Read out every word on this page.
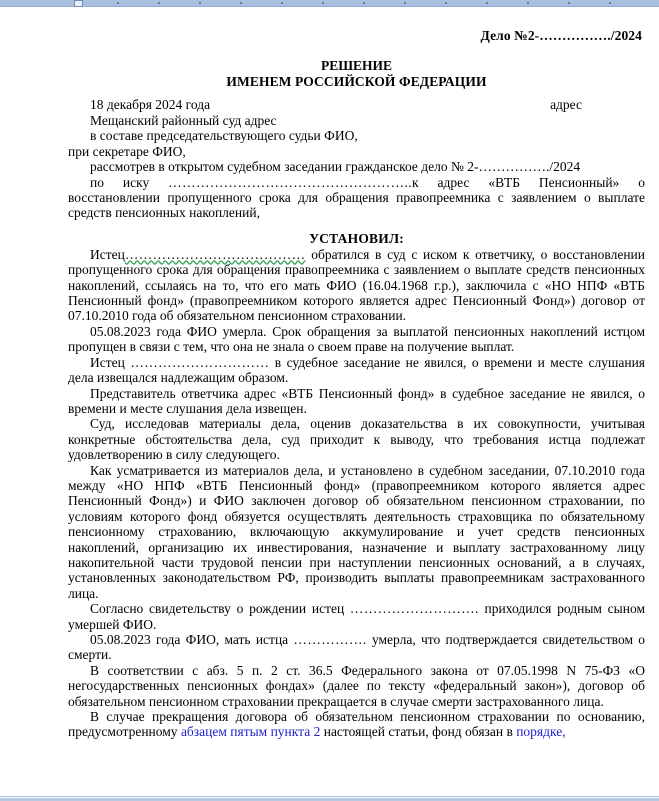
Дело №2-……………./2024
РЕШЕНИЕ
ИМЕНЕМ РОССИЙСКОЙ ФЕДЕРАЦИИ
18 декабря 2024 года	адрес

Мещанский районный суд адрес

в составе председательствующего судьи ФИО,

при секретаре ФИО,

рассмотрев в открытом судебном заседании гражданское дело № 2-……………./2024

по иску ……………………………………………..к адрес «ВТБ Пенсионный» о восстановлении пропущенного срока для обращения правопреемника с заявлением о выплате средств пенсионных накоплений,

УСТАНОВИЛ:

Истец………………………………… обратился в суд с иском к ответчику, о восстановлении пропущенного срока для обращения правопреемника с заявлением о выплате средств пенсионных накоплений, ссылаясь на то, что его мать ФИО (16.04.1968 г.р.), заключила с «НО НПФ «ВТБ Пенсионный фонд» (правопреемником которого является адрес Пенсионный Фонд») договор от 07.10.2010 года об обязательном пенсионном страховании.

05.08.2023 года ФИО умерла. Срок обращения за выплатой пенсионных накоплений истцом пропущен в связи с тем, что она не знала о своем праве на получение выплат.

Истец ………………………… в судебное заседание не явился, о времени и месте слушания дела извещался надлежащим образом.

Представитель ответчика адрес «ВТБ Пенсионный фонд» в судебное заседание не явился, о времени и месте слушания дела извещен.

Суд, исследовав материалы дела, оценив доказательства в их совокупности, учитывая конкретные обстоятельства дела, суд приходит к выводу, что требования истца подлежат удовлетворению в силу следующего.

Как усматривается из материалов дела, и установлено в судебном заседании, 07.10.2010 года между «НО НПФ «ВТБ Пенсионный фонд» (правопреемником которого является адрес Пенсионный Фонд») и ФИО заключен договор об обязательном пенсионном страховании, по условиям которого фонд обязуется осуществлять деятельность страховщика по обязательному пенсионному страхованию, включающую аккумулирование и учет средств пенсионных накоплений, организацию их инвестирования, назначение и выплату застрахованному лицу накопительной части трудовой пенсии при наступлении пенсионных оснований, а в случаях, установленных законодательством РФ, производить выплаты правопреемникам застрахованного лица.

Согласно свидетельству о рождении истец ………………………. приходился родным сыном умершей ФИО.

05.08.2023 года ФИО, мать истца ……………. умерла, что подтверждается свидетельством о смерти.

В соответствии с абз. 5 п. 2 ст. 36.5 Федерального закона от 07.05.1998 N 75-ФЗ «О негосударственных пенсионных фондах» (далее по тексту «федеральный закон»), договор об обязательном пенсионном страховании прекращается в случае смерти застрахованного лица.

В случае прекращения договора об обязательном пенсионном страховании по основанию, предусмотренному абзацем пятым пункта 2 настоящей статьи, фонд обязан в порядке,
